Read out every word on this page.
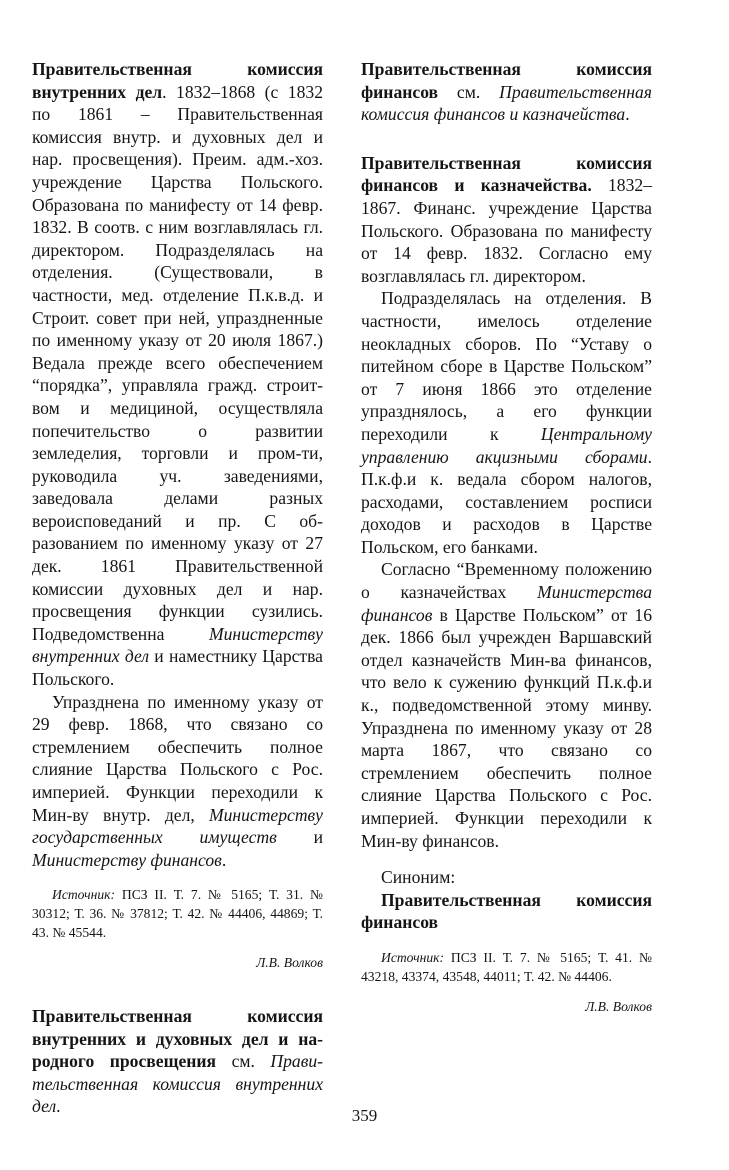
Правительственная комиссия внутренних дел. 1832–1868 (с 1832 по 1861 – Правительственная комиссия внутр. и духовных дел и нар. просвещения). Преим. адм.-хоз. учреждение Царства Польского. Образована по манифесту от 14 февр. 1832. В соотв. с ним возглавлялась гл. директором. Подразделялась на отделения. (Существовали, в частности, мед. отделение П.к.в.д. и Строит. совет при ней, упраздненные по именному указу от 20 июля 1867.) Ведала прежде всего обеспечением “порядка”, управляла гражд. строит-вом и медициной, осуществляла попечительство о развитии земледелия, торговли и пром-ти, руководила уч. заведениями, заведовала делами разных вероисповеданий и пр. С образованием по именному указу от 27 дек. 1861 Правительственной комиссии духовных дел и нар. просвещения функции сузились. Подведомственна Министерству внутренних дел и наместнику Царства Польского.

Упразднена по именному указу от 29 февр. 1868, что связано со стремлением обеспечить полное слияние Царства Польского с Рос. империей. Функции переходили к Мин-ву внутр. дел, Министерству государственных имуществ и Министерству финансов.

Источник: ПСЗ II. Т. 7. № 5165; Т. 31. № 30312; Т. 36. № 37812; Т. 42. № 44406, 44869; Т. 43. № 45544.

Л.В. Волков

Правительственная комиссия внутренних и духовных дел и народного просвещения см. Правительственная комиссия внутренних дел.

Правительственная комиссия финансов см. Правительственная комиссия финансов и казначейства.

Правительственная комиссия финансов и казначейства. 1832–1867. Финанс. учреждение Царства Польского. Образована по манифесту от 14 февр. 1832. Согласно ему возглавлялась гл. директором.

Подразделялась на отделения. В частности, имелось отделение неокладных сборов. По “Уставу о питейном сборе в Царстве Польском” от 7 июня 1866 это отделение упразднялось, а его функции переходили к Центральному управлению акцизными сборами. П.к.ф.и к. ведала сбором налогов, расходами, составлением росписи доходов и расходов в Царстве Польском, его банками.

Согласно “Временному положению о казначействах Министерства финансов в Царстве Польском” от 16 дек. 1866 был учрежден Варшавский отдел казначейств Мин-ва финансов, что вело к сужению функций П.к.ф.и к., подведомственной этому минву. Упразднена по именному указу от 28 марта 1867, что связано со стремлением обеспечить полное слияние Царства Польского с Рос. империей. Функции переходили к Мин-ву финансов.

Синоним:

Правительственная комиссия финансов

Источник: ПСЗ II. Т. 7. № 5165; Т. 41. № 43218, 43374, 43548, 44011; Т. 42. № 44406.

Л.В. Волков

359
